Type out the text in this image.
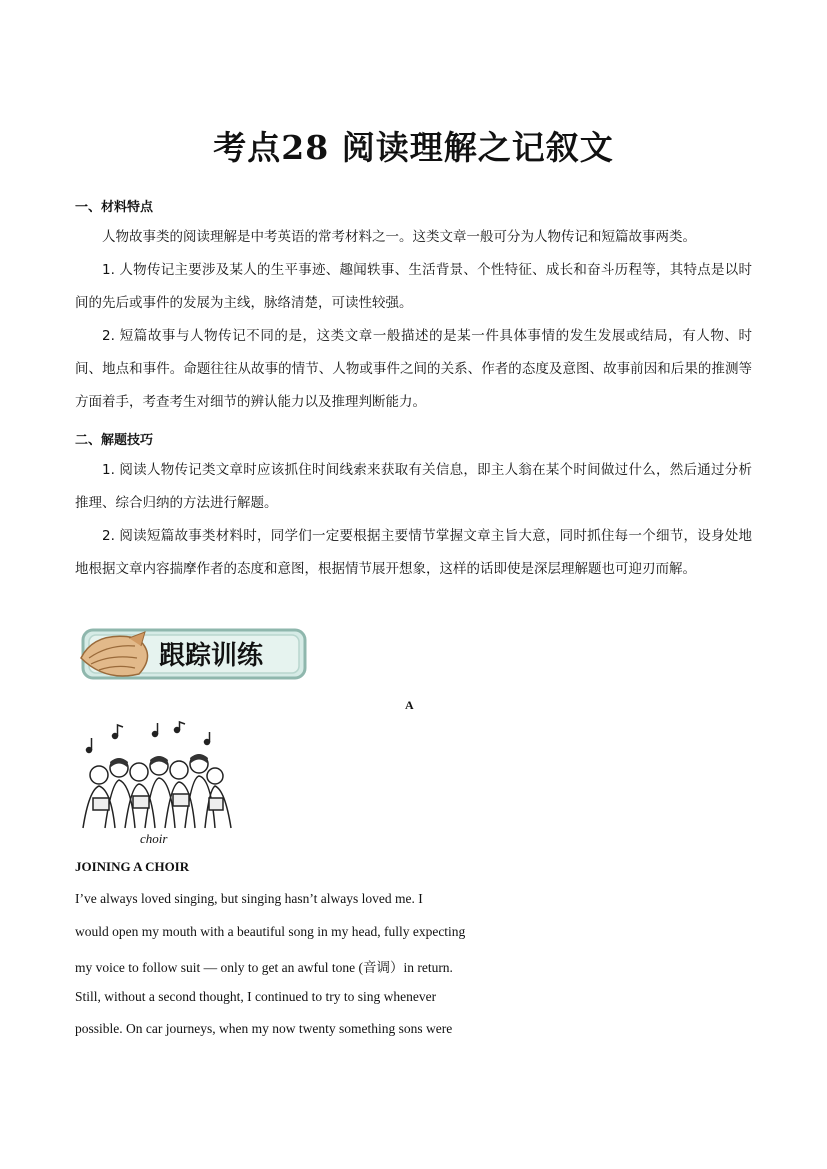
考点28 阅读理解之记叙文
一、材料特点
人物故事类的阅读理解是中考英语的常考材料之一。这类文章一般可分为人物传记和短篇故事两类。
1. 人物传记主要涉及某人的生平事迹、趣闻轶事、生活背景、个性特征、成长和奋斗历程等，其特点是以时间的先后或事件的发展为主线，脉络清楚，可读性较强。
2. 短篇故事与人物传记不同的是，这类文章一般描述的是某一件具体事情的发生发展或结局，有人物、时间、地点和事件。命题往往从故事的情节、人物或事件之间的关系、作者的态度及意图、故事前因和后果的推测等方面着手，考查考生对细节的辨认能力以及推理判断能力。
二、解题技巧
1. 阅读人物传记类文章时应该抓住时间线索来获取有关信息，即主人翁在某个时间做过什么，然后通过分析推理、综合归纳的方法进行解题。
2. 阅读短篇故事类材料时，同学们一定要根据主要情节掌握文章主旨大意，同时抓住每一个细节，设身处地地根据文章内容揣摩作者的态度和意图，根据情节展开想象，这样的话即使是深层理解题也可迎刃而解。
跟踪训练
A
choir
JOINING A CHOIR
I’ve always loved singing, but singing hasn’t always loved me. I
would open my mouth with a beautiful song in my head, fully expecting
my voice to follow suit — only to get an awful tone (音调）in return.
Still, without a second thought, I continued to try to sing whenever
possible. On car journeys, when my now twenty something sons were
